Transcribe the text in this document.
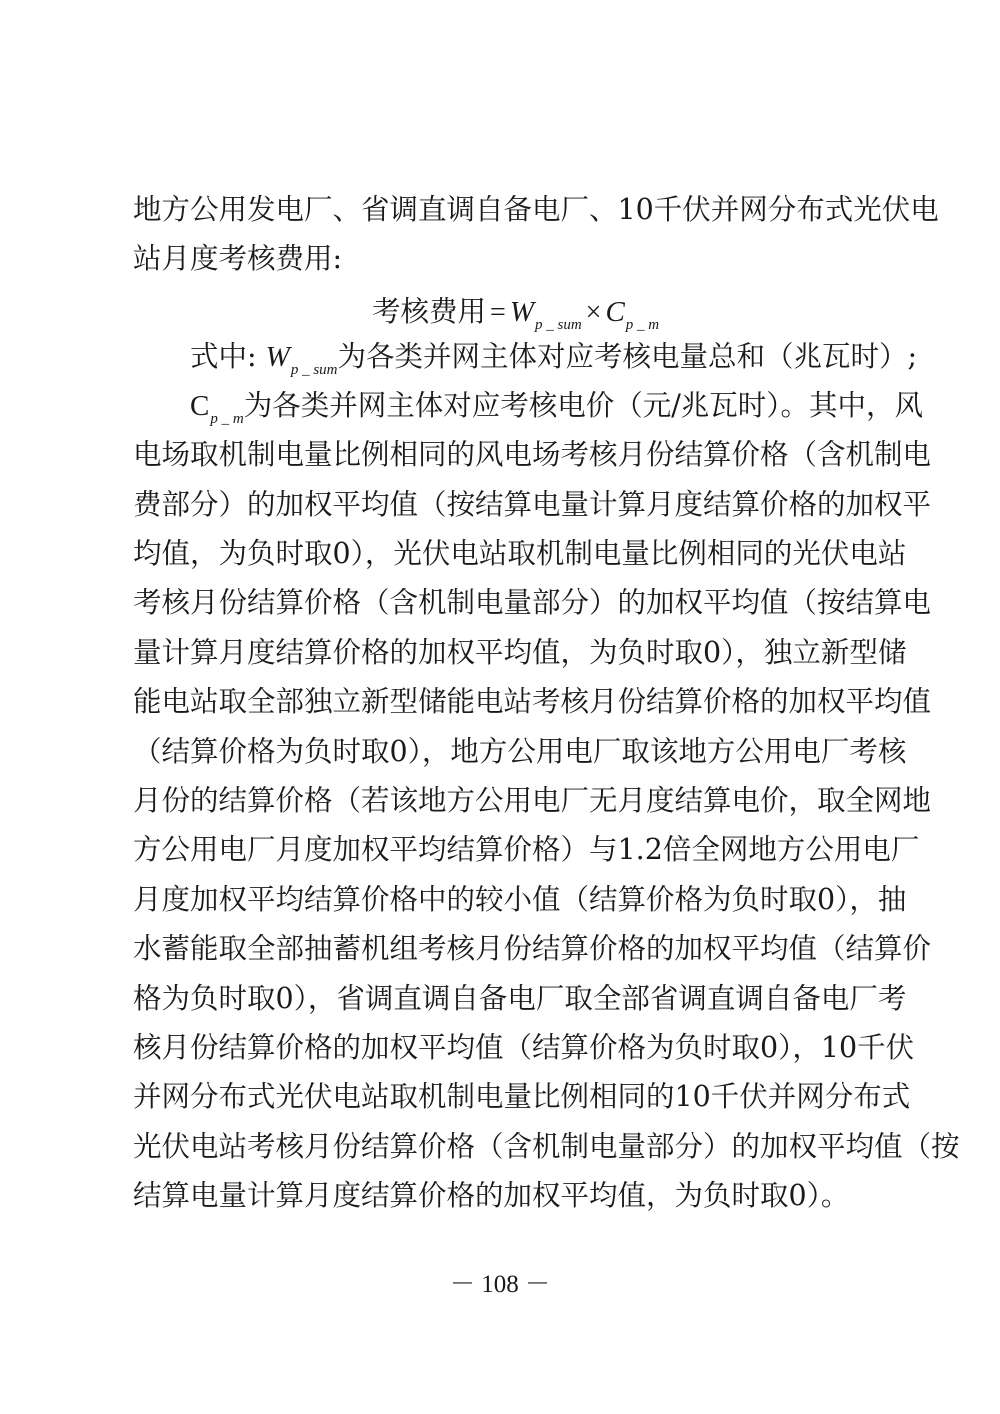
地方公用发电厂、省调直调自备电厂、10千伏并网分布式光伏电
站月度考核费用:
考核费用 = $W_{p \_ sum} \times C_{p \_ m}$
式中: $W_{p \_ sum}$为各类并网主体对应考核电量总和（兆瓦时）;
$C_{p \_ m}$为各类并网主体对应考核电价（元/兆瓦时）。其中，风
电场取机制电量比例相同的风电场考核月份结算价格（含机制电
费部分）的加权平均值（按结算电量计算月度结算价格的加权平
均值，为负时取0），光伏电站取机制电量比例相同的光伏电站
考核月份结算价格（含机制电量部分）的加权平均值（按结算电
量计算月度结算价格的加权平均值，为负时取0），独立新型储
能电站取全部独立新型储能电站考核月份结算价格的加权平均值
（结算价格为负时取0），地方公用电厂取该地方公用电厂考核
月份的结算价格（若该地方公用电厂无月度结算电价，取全网地
方公用电厂月度加权平均结算价格）与1.2倍全网地方公用电厂
月度加权平均结算价格中的较小值（结算价格为负时取0），抽
水蓄能取全部抽蓄机组考核月份结算价格的加权平均值（结算价
格为负时取0），省调直调自备电厂取全部省调直调自备电厂考
核月份结算价格的加权平均值（结算价格为负时取0），10千伏
并网分布式光伏电站取机制电量比例相同的10千伏并网分布式
光伏电站考核月份结算价格（含机制电量部分）的加权平均值（按
结算电量计算月度结算价格的加权平均值，为负时取0）。
－ 108 －
